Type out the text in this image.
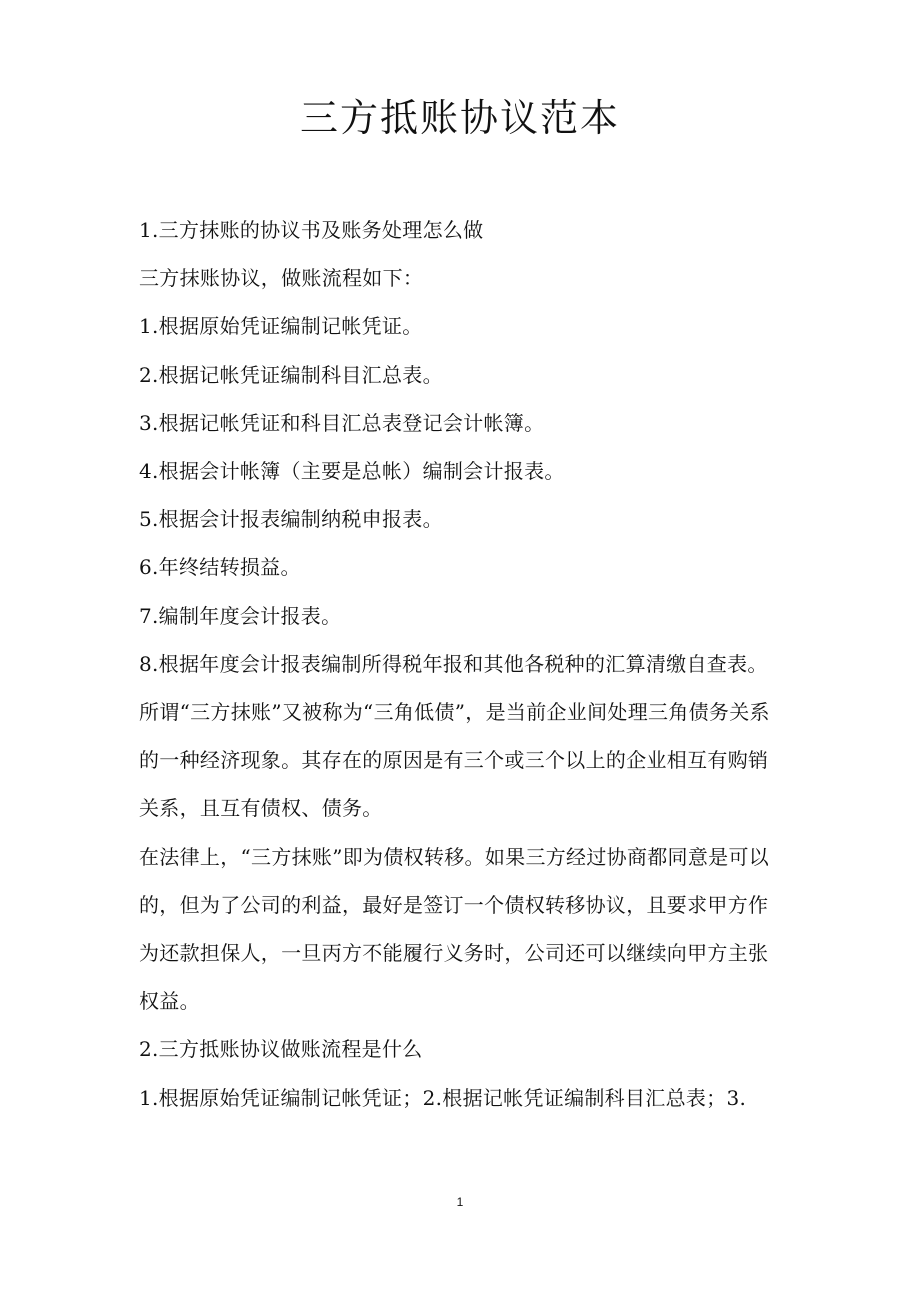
三方抵账协议范本

1.三方抹账的协议书及账务处理怎么做

三方抹账协议，做账流程如下：

1.根据原始凭证编制记帐凭证。

2.根据记帐凭证编制科目汇总表。

3.根据记帐凭证和科目汇总表登记会计帐簿。

4.根据会计帐簿（主要是总帐）编制会计报表。

5.根据会计报表编制纳税申报表。

6.年终结转损益。

7.编制年度会计报表。

8.根据年度会计报表编制所得税年报和其他各税种的汇算清缴自查表。

所谓“三方抹账”又被称为“三角低债”，是当前企业间处理三角债务关系的一种经济现象。其存在的原因是有三个或三个以上的企业相互有购销关系，且互有债权、债务。

在法律上，“三方抹账”即为债权转移。如果三方经过协商都同意是可以的，但为了公司的利益，最好是签订一个债权转移协议，且要求甲方作为还款担保人，一旦丙方不能履行义务时，公司还可以继续向甲方主张权益。

2.三方抵账协议做账流程是什么

1.根据原始凭证编制记帐凭证；2.根据记帐凭证编制科目汇总表；3.

1
